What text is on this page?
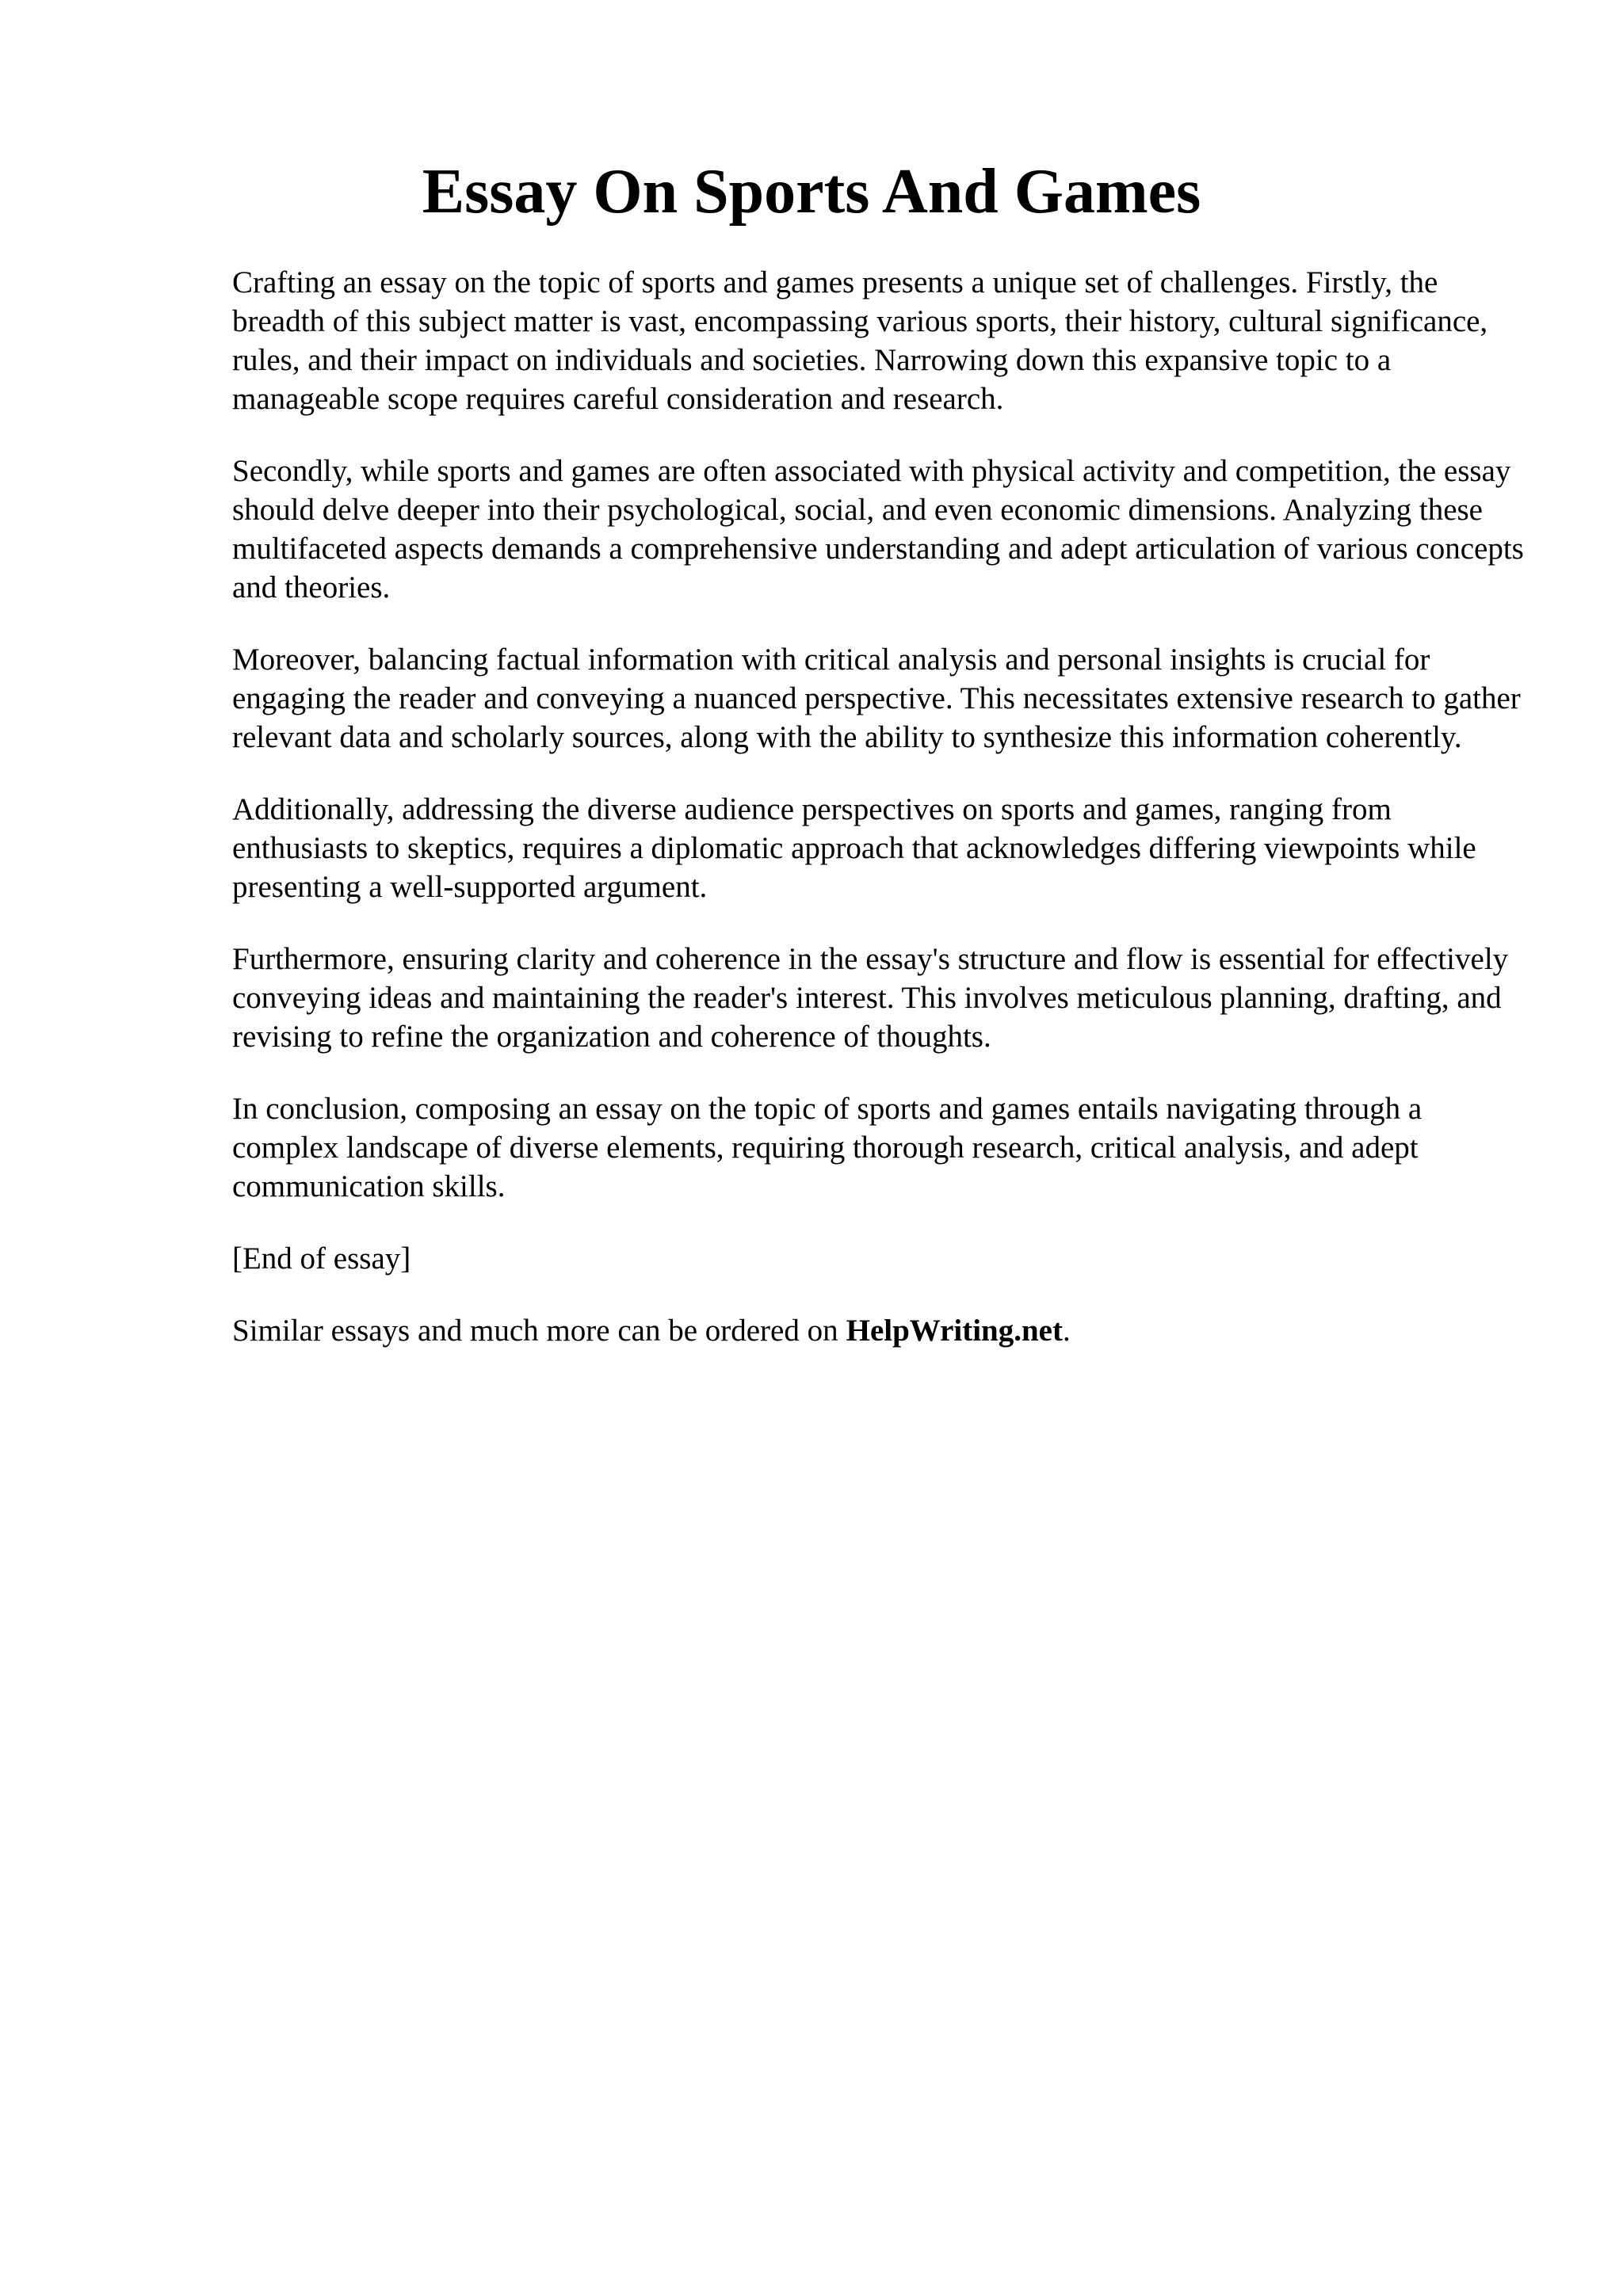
Essay On Sports And Games

Crafting an essay on the topic of sports and games presents a unique set of challenges. Firstly, the breadth of this subject matter is vast, encompassing various sports, their history, cultural significance, rules, and their impact on individuals and societies. Narrowing down this expansive topic to a manageable scope requires careful consideration and research.

Secondly, while sports and games are often associated with physical activity and competition, the essay should delve deeper into their psychological, social, and even economic dimensions. Analyzing these multifaceted aspects demands a comprehensive understanding and adept articulation of various concepts and theories.

Moreover, balancing factual information with critical analysis and personal insights is crucial for engaging the reader and conveying a nuanced perspective. This necessitates extensive research to gather relevant data and scholarly sources, along with the ability to synthesize this information coherently.

Additionally, addressing the diverse audience perspectives on sports and games, ranging from enthusiasts to skeptics, requires a diplomatic approach that acknowledges differing viewpoints while presenting a well-supported argument.

Furthermore, ensuring clarity and coherence in the essay's structure and flow is essential for effectively conveying ideas and maintaining the reader's interest. This involves meticulous planning, drafting, and revising to refine the organization and coherence of thoughts.

In conclusion, composing an essay on the topic of sports and games entails navigating through a complex landscape of diverse elements, requiring thorough research, critical analysis, and adept communication skills.

[End of essay]

Similar essays and much more can be ordered on HelpWriting.net.
